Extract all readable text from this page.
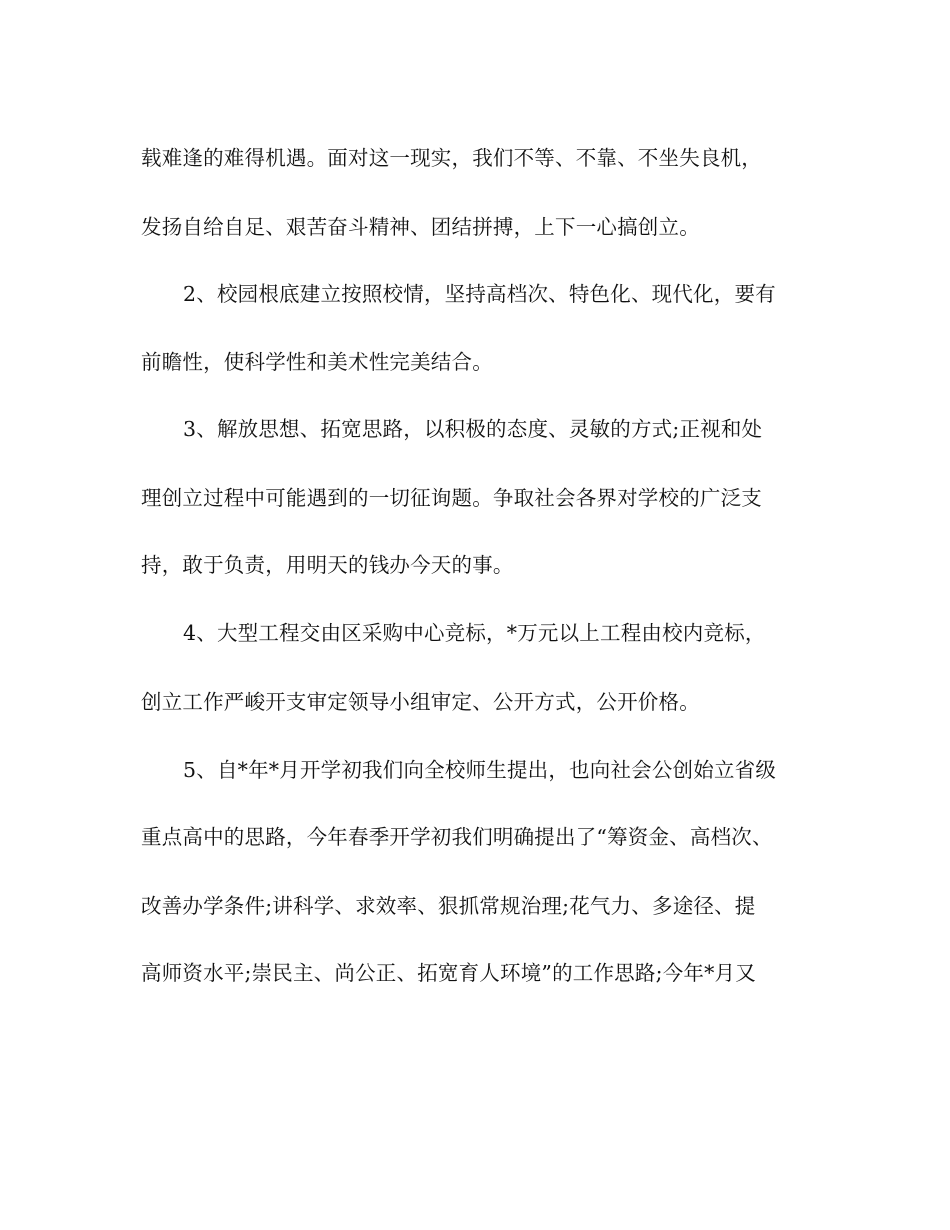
载难逢的难得机遇。面对这一现实，我们不等、不靠、不坐失良机，
发扬自给自足、艰苦奋斗精神、团结拼搏，上下一心搞创立。
2、校园根底建立按照校情，坚持高档次、特色化、现代化，要有
前瞻性，使科学性和美术性完美结合。
3、解放思想、拓宽思路，以积极的态度、灵敏的方式;正视和处
理创立过程中可能遇到的一切征询题。争取社会各界对学校的广泛支
持，敢于负责，用明天的钱办今天的事。
4、大型工程交由区采购中心竞标，*万元以上工程由校内竞标，
创立工作严峻开支审定领导小组审定、公开方式，公开价格。
5、自*年*月开学初我们向全校师生提出，也向社会公创始立省级
重点高中的思路，今年春季开学初我们明确提出了“筹资金、高档次、
改善办学条件;讲科学、求效率、狠抓常规治理;花气力、多途径、提
高师资水平;崇民主、尚公正、拓宽育人环境”的工作思路;今年*月又
